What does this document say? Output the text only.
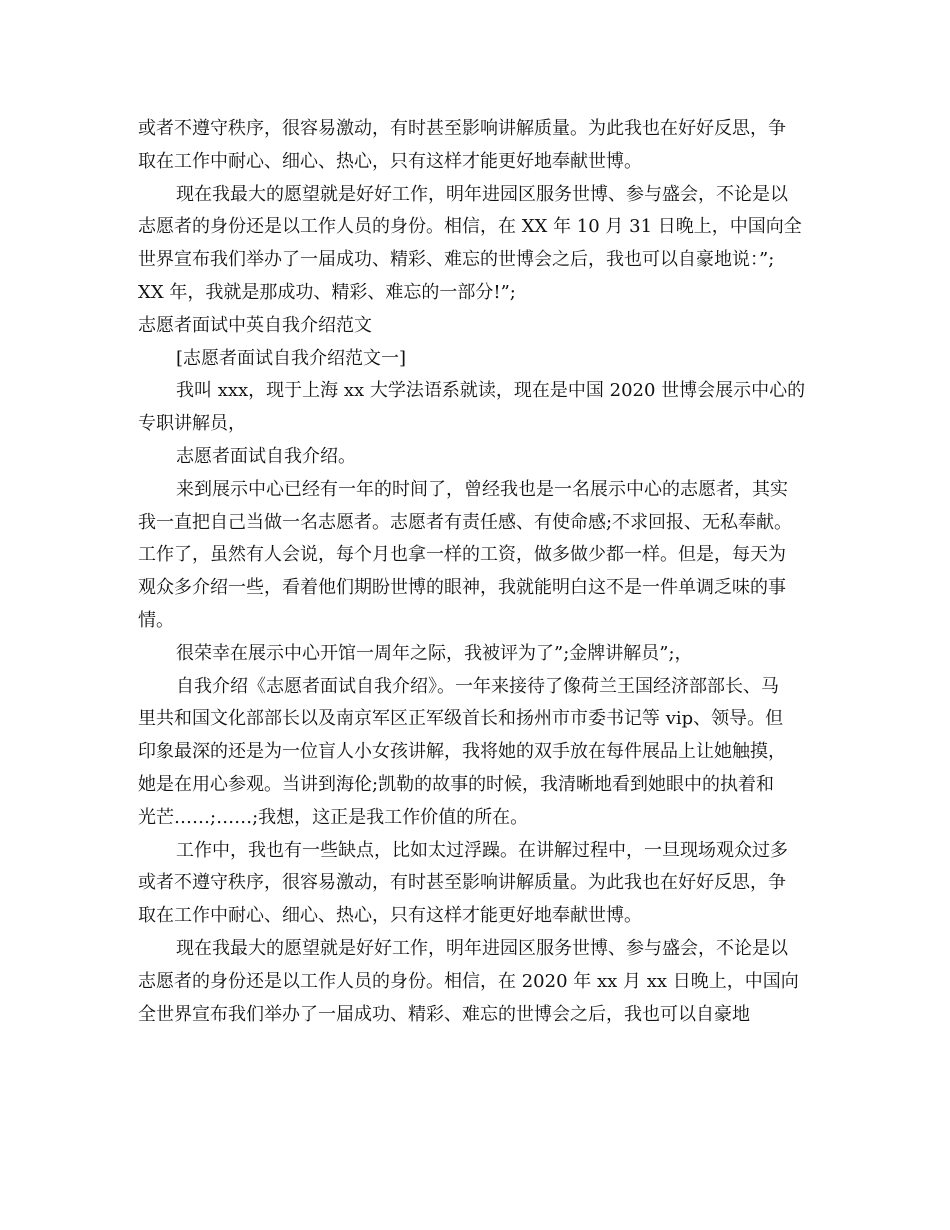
或者不遵守秩序，很容易激动，有时甚至影响讲解质量。为此我也在好好反思，争
取在工作中耐心、细心、热心，只有这样才能更好地奉献世博。
现在我最大的愿望就是好好工作，明年进园区服务世博、参与盛会，不论是以
志愿者的身份还是以工作人员的身份。相信，在 XX 年 10 月 31 日晚上，中国向全
世界宣布我们举办了一届成功、精彩、难忘的世博会之后，我也可以自豪地说：”;
XX 年，我就是那成功、精彩、难忘的一部分!”;
志愿者面试中英自我介绍范文
[志愿者面试自我介绍范文一]
我叫 xxx，现于上海 xx 大学法语系就读，现在是中国 2020 世博会展示中心的
专职讲解员，
志愿者面试自我介绍。
来到展示中心已经有一年的时间了，曾经我也是一名展示中心的志愿者，其实
我一直把自己当做一名志愿者。志愿者有责任感、有使命感;不求回报、无私奉献。
工作了，虽然有人会说，每个月也拿一样的工资，做多做少都一样。但是，每天为
观众多介绍一些，看着他们期盼世博的眼神，我就能明白这不是一件单调乏味的事
情。
很荣幸在展示中心开馆一周年之际，我被评为了”;金牌讲解员”;，
自我介绍《志愿者面试自我介绍》。一年来接待了像荷兰王国经济部部长、马
里共和国文化部部长以及南京军区正军级首长和扬州市市委书记等 vip、领导。但
印象最深的还是为一位盲人小女孩讲解，我将她的双手放在每件展品上让她触摸，
她是在用心参观。当讲到海伦;凯勒的故事的时候，我清晰地看到她眼中的执着和
光芒……;……;我想，这正是我工作价值的所在。
工作中，我也有一些缺点，比如太过浮躁。在讲解过程中，一旦现场观众过多
或者不遵守秩序，很容易激动，有时甚至影响讲解质量。为此我也在好好反思，争
取在工作中耐心、细心、热心，只有这样才能更好地奉献世博。
现在我最大的愿望就是好好工作，明年进园区服务世博、参与盛会，不论是以
志愿者的身份还是以工作人员的身份。相信，在 2020 年 xx 月 xx 日晚上，中国向
全世界宣布我们举办了一届成功、精彩、难忘的世博会之后，我也可以自豪地
